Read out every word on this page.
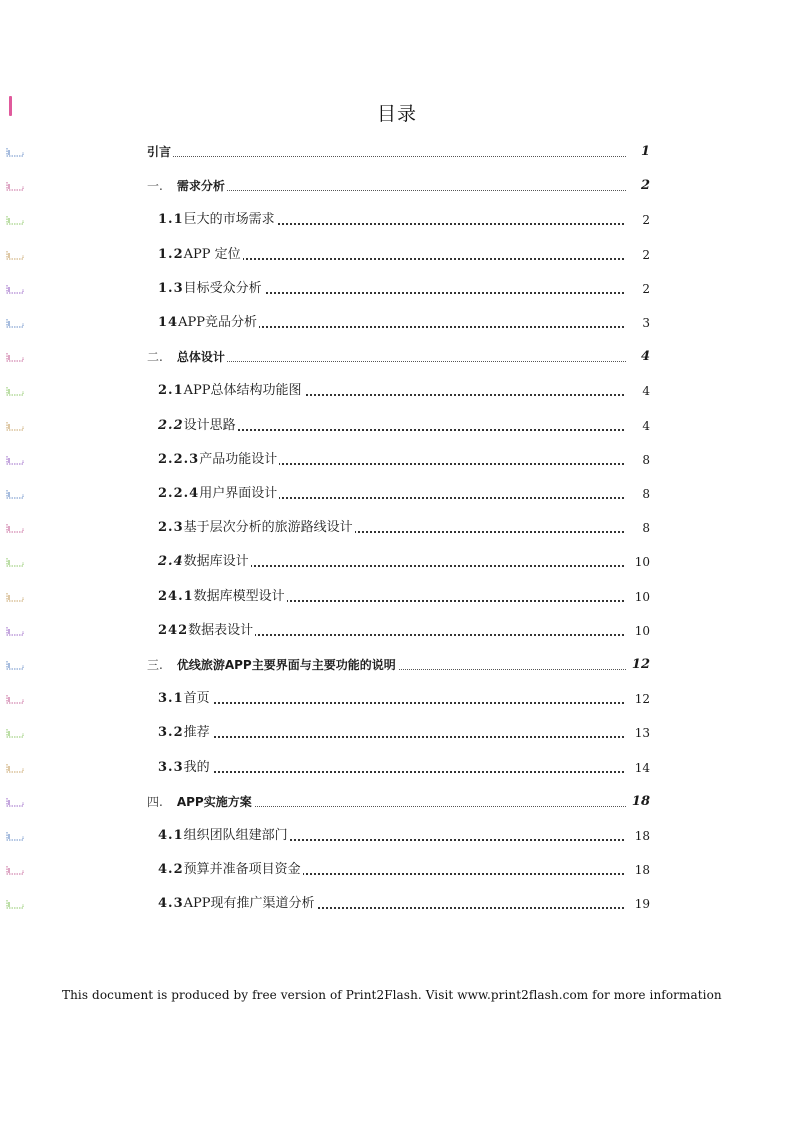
目录
引言	1
一. 需求分析	2
1.1巨大的市场需求	2
1.2APP 定位	2
1.3目标受众分析	2
14APP竞品分析	3
二. 总体设计	4
2.1APP总体结构功能图	4
2.2设计思路	4
2.2.3产品功能设计	8
2.2.4用户界面设计	8
2.3基于层次分析的旅游路线设计	8
2.4数据库设计	10
24.1数据库模型设计	10
242数据表设计	10
三. 优线旅游APP主要界面与主要功能的说明	12
3.1首页	12
3.2推荐	13
3.3我的	14
四. APP实施方案	18
4.1组织团队组建部门	18
4.2预算并准备项目资金	18
4.3APP现有推广渠道分析	19
This document is produced by free version of Print2Flash. Visit www.print2flash.com for more information
